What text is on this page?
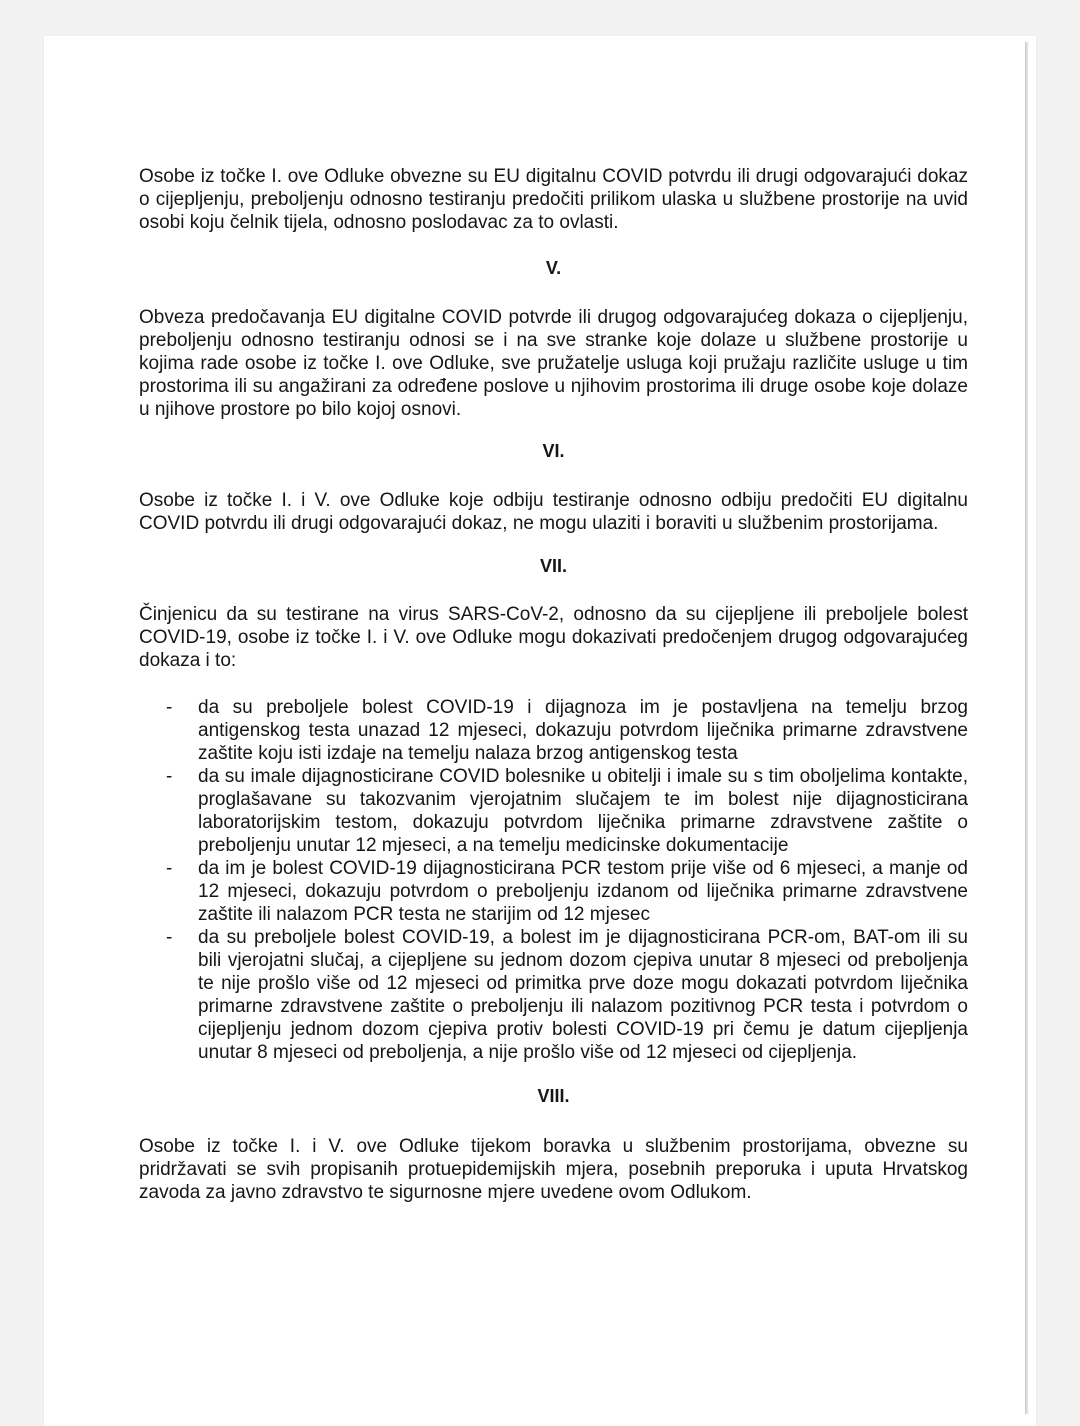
Osobe iz točke I. ove Odluke obvezne su EU digitalnu COVID potvrdu ili drugi odgovarajući dokaz o cijepljenju, preboljenju odnosno testiranju predočiti prilikom ulaska u službene prostorije na uvid osobi koju čelnik tijela, odnosno poslodavac za to ovlasti.

V.

Obveza predočavanja EU digitalne COVID potvrde ili drugog odgovarajućeg dokaza o cijepljenju, preboljenju odnosno testiranju odnosi se i na sve stranke koje dolaze u službene prostorije u kojima rade osobe iz točke I. ove Odluke, sve pružatelje usluga koji pružaju različite usluge u tim prostorima ili su angažirani za određene poslove u njihovim prostorima ili druge osobe koje dolaze u njihove prostore po bilo kojoj osnovi.

VI.

Osobe iz točke I. i V. ove Odluke koje odbiju testiranje odnosno odbiju predočiti EU digitalnu COVID potvrdu ili drugi odgovarajući dokaz, ne mogu ulaziti i boraviti u službenim prostorijama.

VII.

Činjenicu da su testirane na virus SARS-CoV-2, odnosno da su cijepljene ili preboljele bolest COVID-19, osobe iz točke I. i V. ove Odluke mogu dokazivati predočenjem drugog odgovarajućeg dokaza i to:

- da su preboljele bolest COVID-19 i dijagnoza im je postavljena na temelju brzog antigenskog testa unazad 12 mjeseci, dokazuju potvrdom liječnika primarne zdravstvene zaštite koju isti izdaje na temelju nalaza brzog antigenskog testa
- da su imale dijagnosticirane COVID bolesnike u obitelji i imale su s tim oboljelima kontakte, proglašavane su takozvanim vjerojatnim slučajem te im bolest nije dijagnosticirana laboratorijskim testom, dokazuju potvrdom liječnika primarne zdravstvene zaštite o preboljenju unutar 12 mjeseci, a na temelju medicinske dokumentacije
- da im je bolest COVID-19 dijagnosticirana PCR testom prije više od 6 mjeseci, a manje od 12 mjeseci, dokazuju potvrdom o preboljenju izdanom od liječnika primarne zdravstvene zaštite ili nalazom PCR testa ne starijim od 12 mjesec
- da su preboljele bolest COVID-19, a bolest im je dijagnosticirana PCR-om, BAT-om ili su bili vjerojatni slučaj, a cijepljene su jednom dozom cjepiva unutar 8 mjeseci od preboljenja te nije prošlo više od 12 mjeseci od primitka prve doze mogu dokazati potvrdom liječnika primarne zdravstvene zaštite o preboljenju ili nalazom pozitivnog PCR testa i potvrdom o cijepljenju jednom dozom cjepiva protiv bolesti COVID-19 pri čemu je datum cijepljenja unutar 8 mjeseci od preboljenja, a nije prošlo više od 12 mjeseci od cijepljenja.

VIII.

Osobe iz točke I. i V. ove Odluke tijekom boravka u službenim prostorijama, obvezne su pridržavati se svih propisanih protuepidemijskih mjera, posebnih preporuka i uputa Hrvatskog zavoda za javno zdravstvo te sigurnosne mjere uvedene ovom Odlukom.
